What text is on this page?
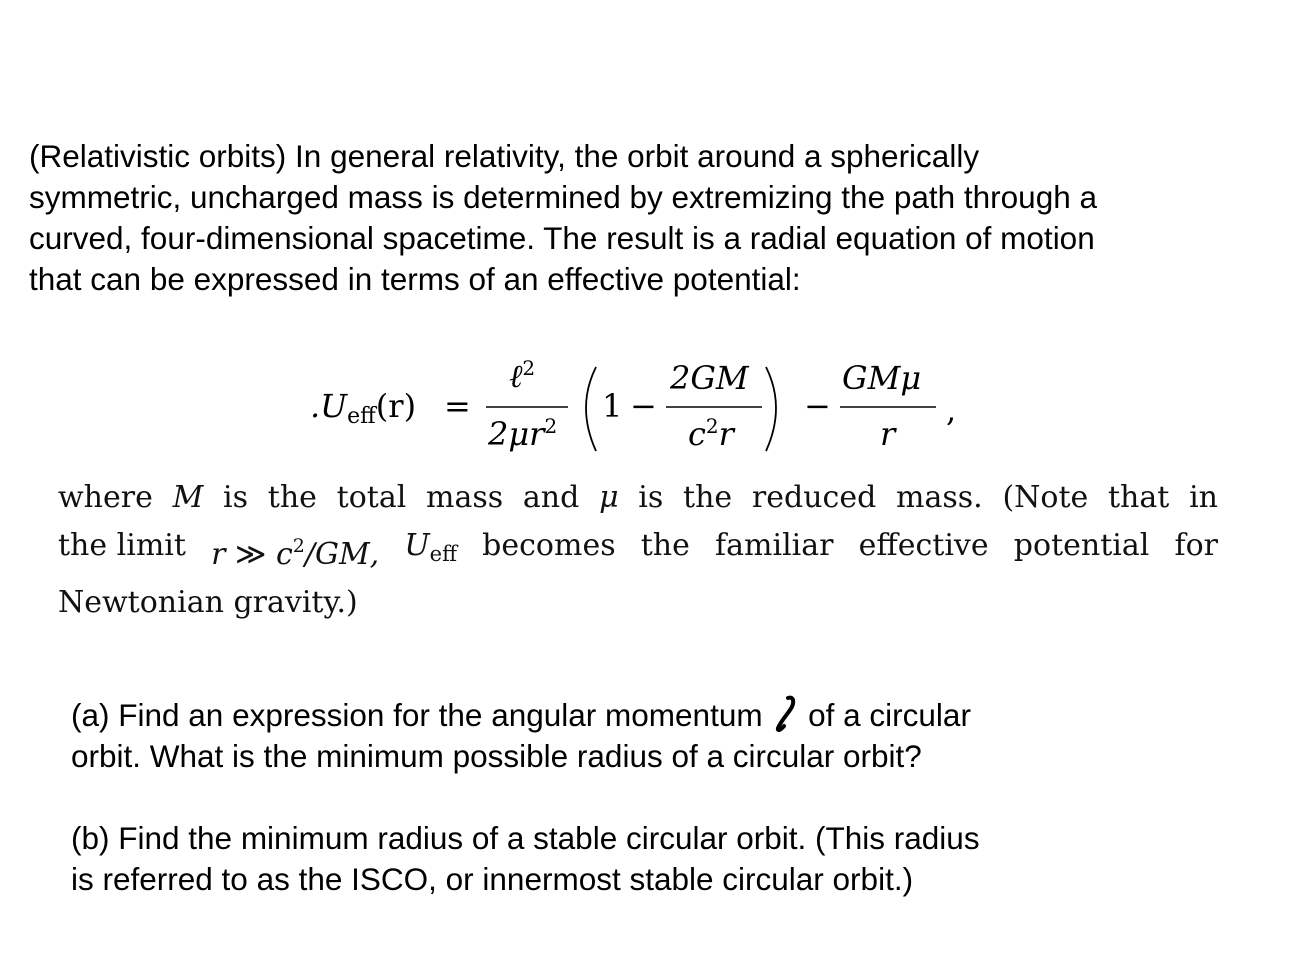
(Relativistic orbits) In general relativity, the orbit around a spherically
symmetric, uncharged mass is determined by extremizing the path through a
curved, four-dimensional spacetime. The result is a radial equation of motion
that can be expressed in terms of an effective potential:
.Ueff(r) =
ℓ$^2$
$2\mu r^2$
1 −
2GM
$c^2r$
−
GMμ
r
,
where M is the total mass and μ is the reduced mass. (Note that in
the limit r ≫ $c^2/GM$, $U_{eff}$ becomes the familiar effective potential for
Newtonian gravity.)
(a) Find an expression for the angular momentum of a circular
orbit. What is the minimum possible radius of a circular orbit?
(b) Find the minimum radius of a stable circular orbit. (This radius
is referred to as the ISCO, or innermost stable circular orbit.)
